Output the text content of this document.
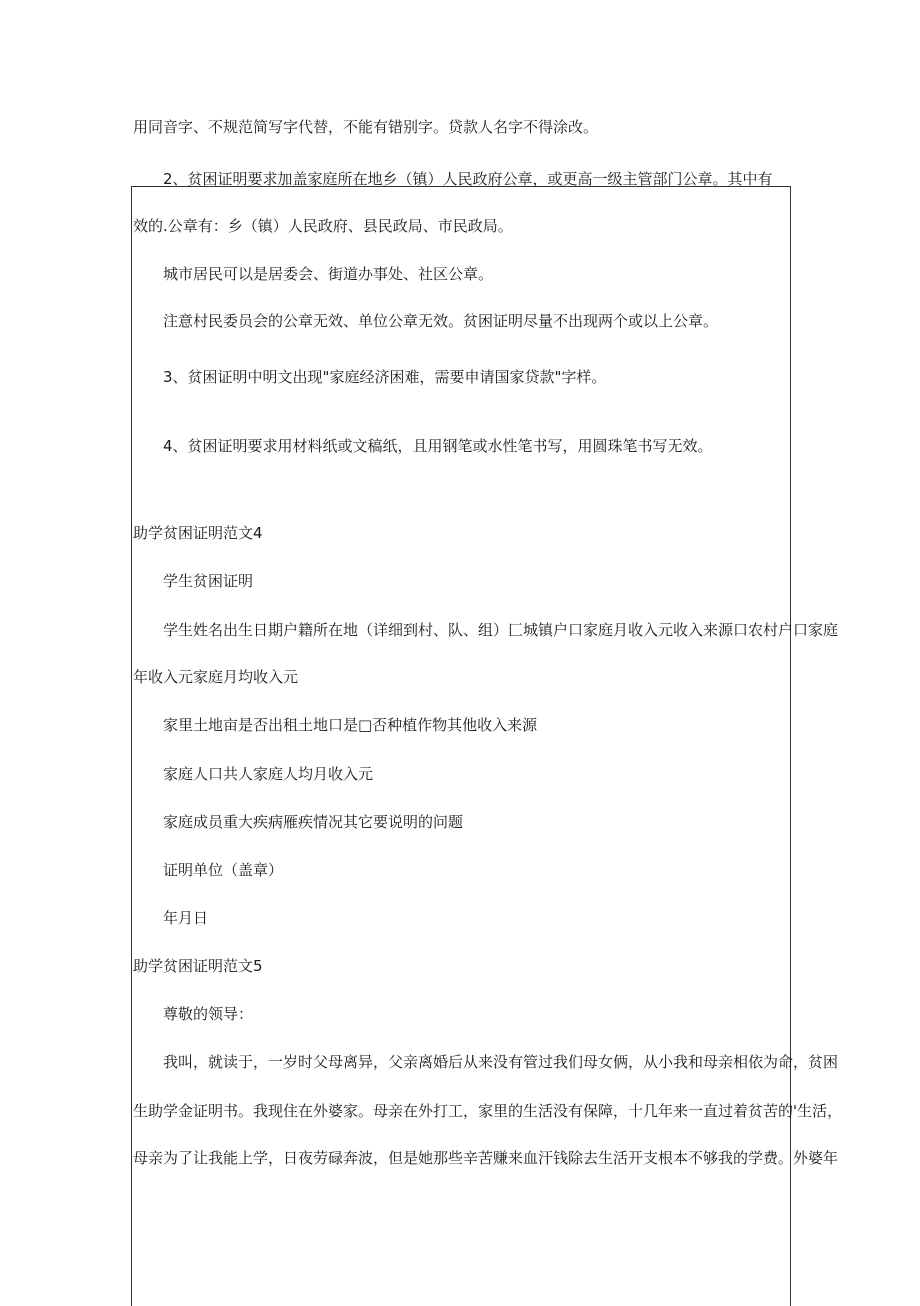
用同音字、不规范简写字代替，不能有错别字。贷款人名字不得涂改。
2、贫困证明要求加盖家庭所在地乡（镇）人民政府公章，或更高一级主管部门公章。其中有
效的.公章有：乡（镇）人民政府、县民政局、市民政局。
城市居民可以是居委会、街道办事处、社区公章。
注意村民委员会的公章无效、单位公章无效。贫困证明尽量不出现两个或以上公章。
3、贫困证明中明文出现"家庭经济困难，需要申请国家贷款"字样。
4、贫困证明要求用材料纸或文稿纸，且用钢笔或水性笔书写，用圆珠笔书写无效。
助学贫困证明范文4
学生贫困证明
学生姓名出生日期户籍所在地（详细到村、队、组）匚城镇户口家庭月收入元收入来源口农村户口家庭
年收入元家庭月均收入元
家里土地亩是否出租土地口是□否种植作物其他收入来源
家庭人口共人家庭人均月收入元
家庭成员重大疾病雁疾情况其它要说明的问题
证明单位（盖章）
年月日
助学贫困证明范文5
尊敬的领导：
我叫，就读于，一岁时父母离异，父亲离婚后从来没有管过我们母女俩，从小我和母亲相依为命，贫困
生助学金证明书。我现住在外婆家。母亲在外打工，家里的生活没有保障，十几年来一直过着贫苦的'生活，
母亲为了让我能上学，日夜劳碌奔波，但是她那些辛苦赚来血汗钱除去生活开支根本不够我的学费。外婆年
